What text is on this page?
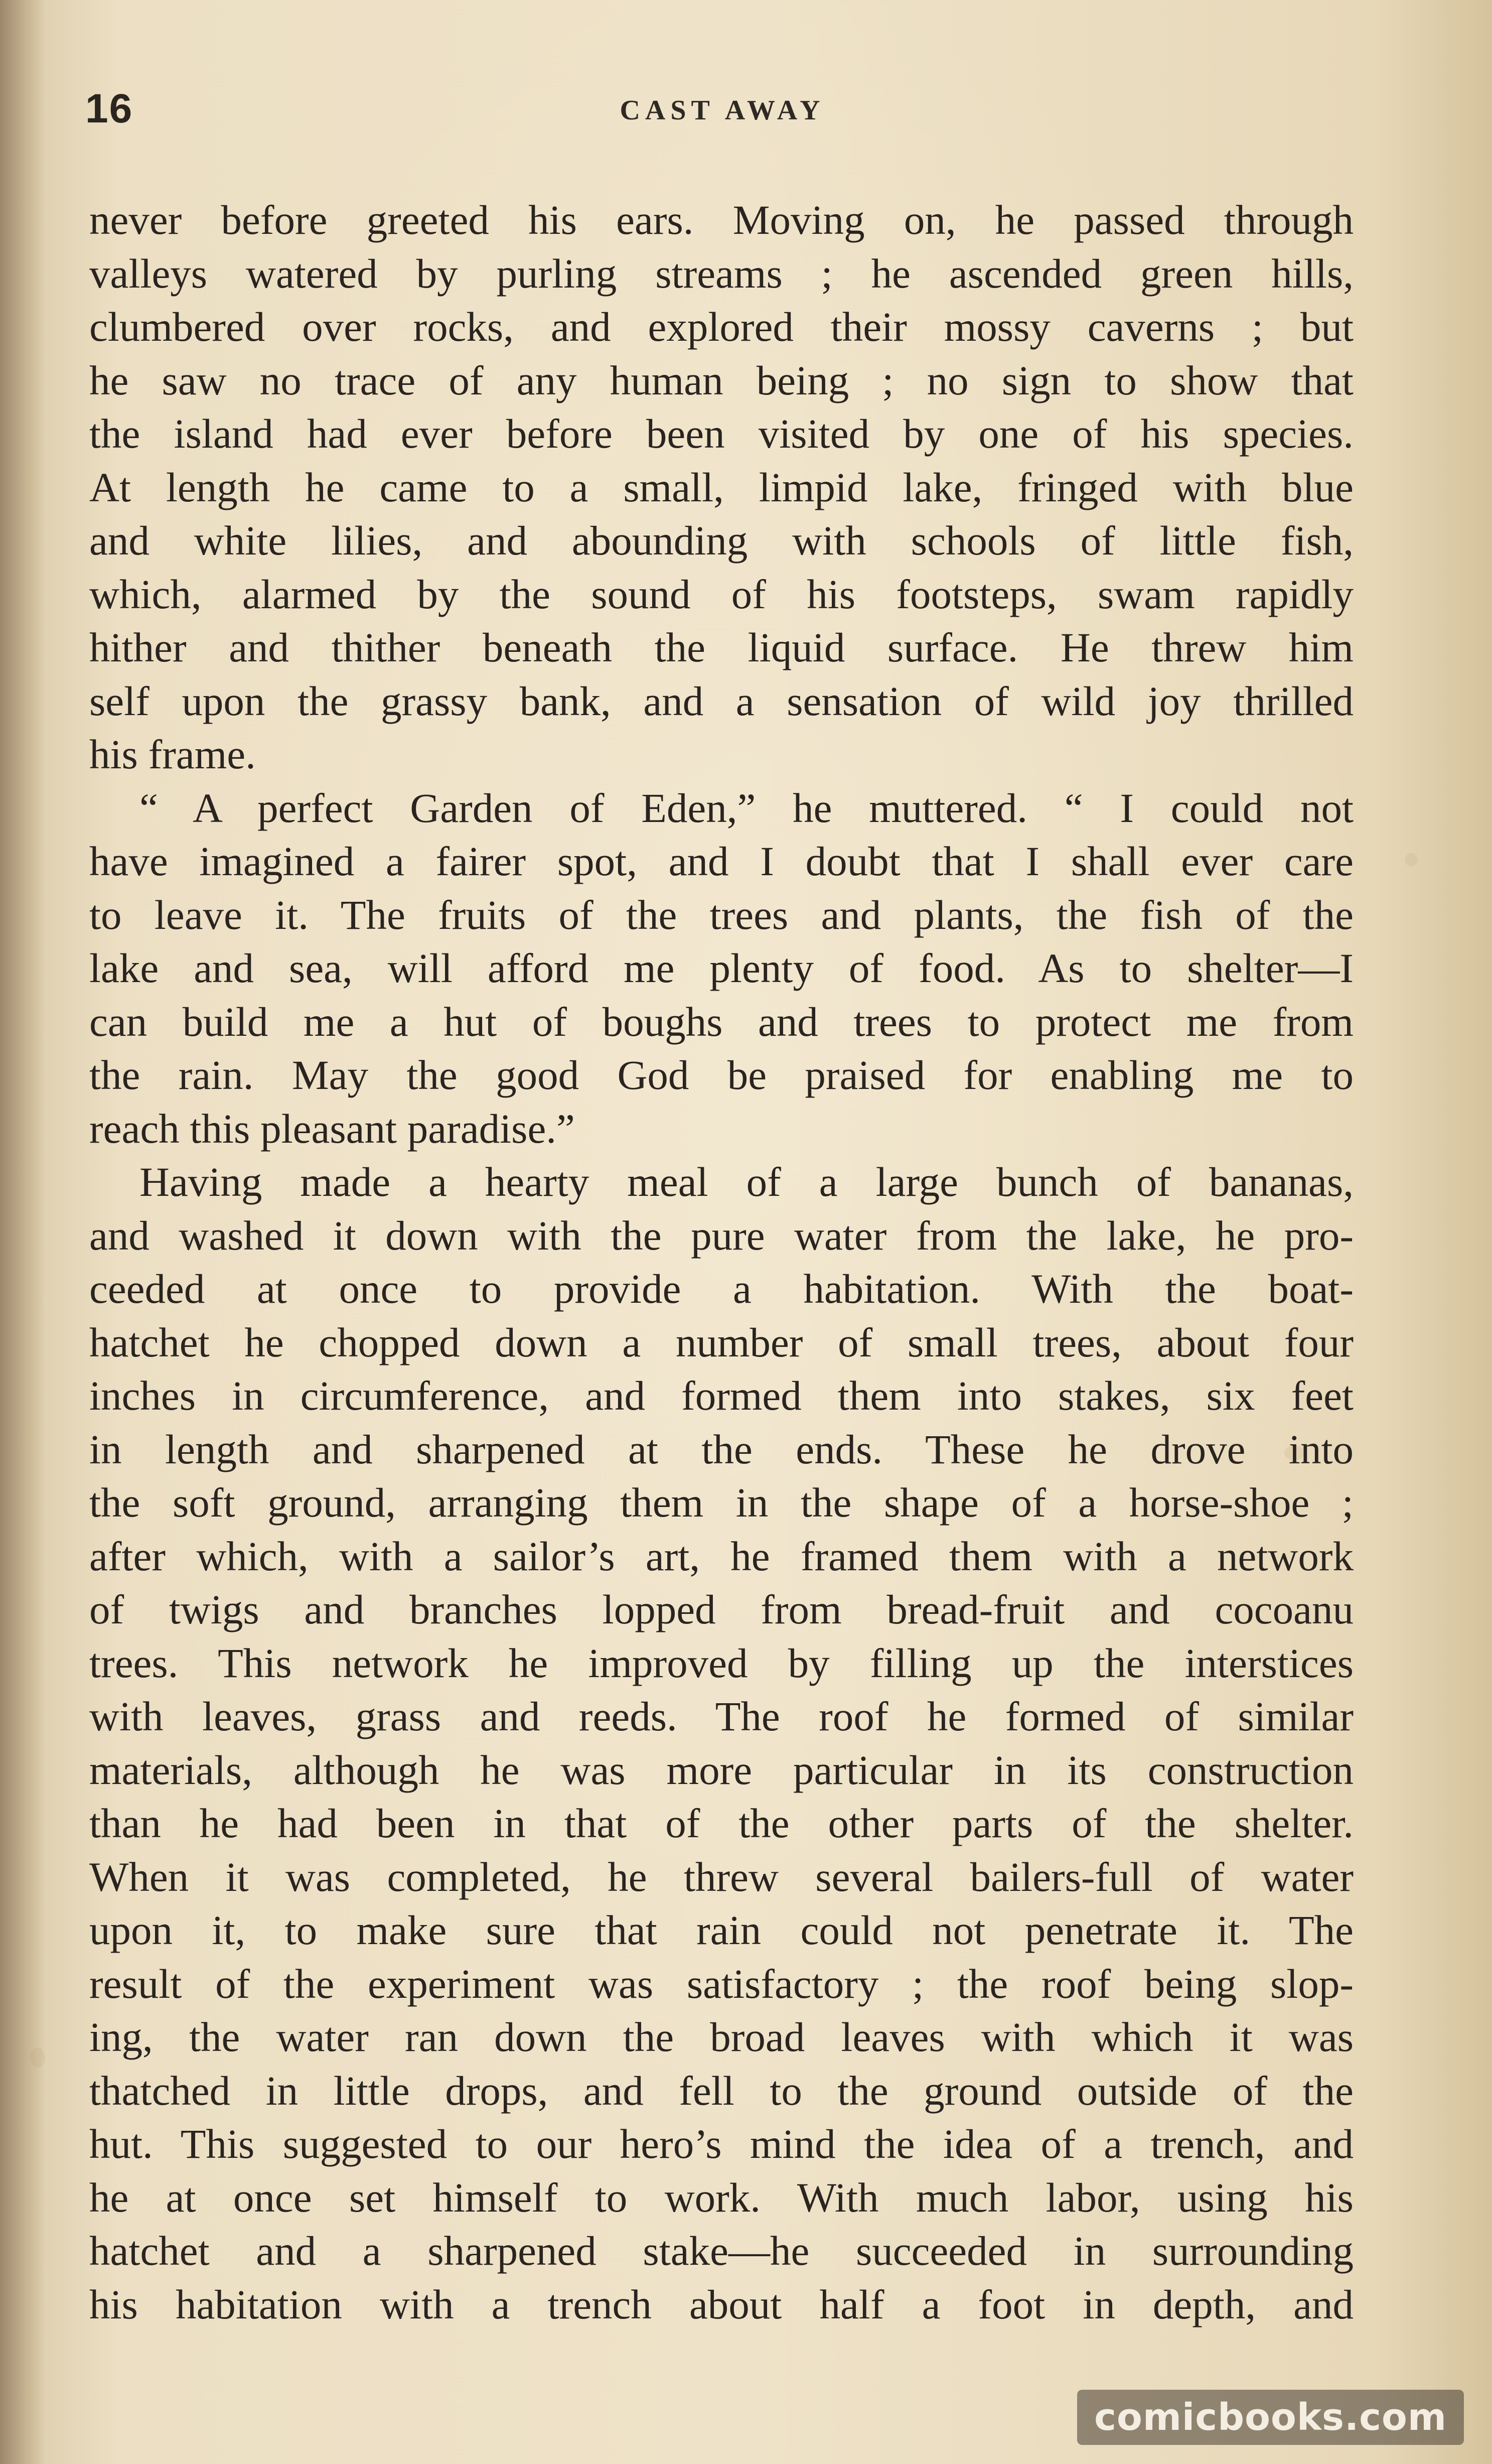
16	CAST AWAY
never before greeted his ears. Moving on, he passed through
valleys watered by purling streams ; he ascended green hills,
clumbered over rocks, and explored their mossy caverns ; but
he saw no trace of any human being ; no sign to show that
the island had ever before been visited by one of his species.
At length he came to a small, limpid lake, fringed with blue
and white lilies, and abounding with schools of little fish,
which, alarmed by the sound of his footsteps, swam rapidly
hither and thither beneath the liquid surface. He threw him
self upon the grassy bank, and a sensation of wild joy thrilled
his frame.
“ A perfect Garden of Eden,” he muttered. “ I could not
have imagined a fairer spot, and I doubt that I shall ever care
to leave it. The fruits of the trees and plants, the fish of the
lake and sea, will afford me plenty of food. As to shelter—I
can build me a hut of boughs and trees to protect me from
the rain. May the good God be praised for enabling me to
reach this pleasant paradise.”
Having made a hearty meal of a large bunch of bananas,
and washed it down with the pure water from the lake, he pro-
ceeded at once to provide a habitation. With the boat-
hatchet he chopped down a number of small trees, about four
inches in circumference, and formed them into stakes, six feet
in length and sharpened at the ends. These he drove into
the soft ground, arranging them in the shape of a horse-shoe ;
after which, with a sailor’s art, he framed them with a network
of twigs and branches lopped from bread-fruit and cocoanu
trees. This network he improved by filling up the interstices
with leaves, grass and reeds. The roof he formed of similar
materials, although he was more particular in its construction
than he had been in that of the other parts of the shelter.
When it was completed, he threw several bailers-full of water
upon it, to make sure that rain could not penetrate it. The
result of the experiment was satisfactory ; the roof being slop-
ing, the water ran down the broad leaves with which it was
thatched in little drops, and fell to the ground outside of the
hut. This suggested to our hero’s mind the idea of a trench, and
he at once set himself to work. With much labor, using his
hatchet and a sharpened stake—he succeeded in surrounding
his habitation with a trench about half a foot in depth, and
comicbooks.com
